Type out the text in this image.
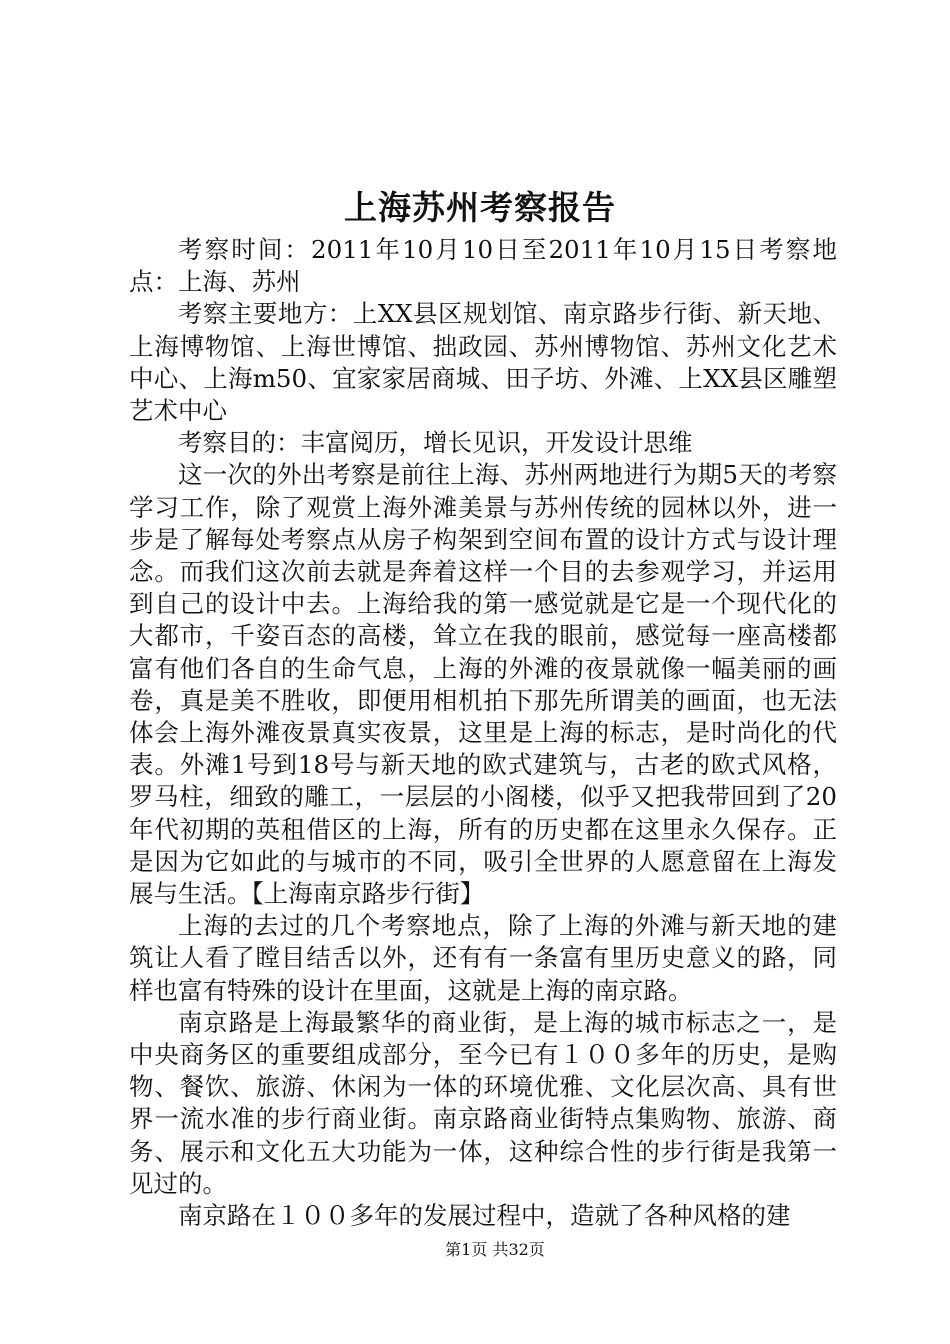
上海苏州考察报告

考察时间：2011年10月10日至2011年10月15日考察地点：上海、苏州

考察主要地方：上XX县区规划馆、南京路步行街、新天地、上海博物馆、上海世博馆、拙政园、苏州博物馆、苏州文化艺术中心、上海m50、宜家家居商城、田子坊、外滩、上XX县区雕塑艺术中心

考察目的：丰富阅历，增长见识，开发设计思维

这一次的外出考察是前往上海、苏州两地进行为期5天的考察学习工作，除了观赏上海外滩美景与苏州传统的园林以外，进一步是了解每处考察点从房子构架到空间布置的设计方式与设计理念。而我们这次前去就是奔着这样一个目的去参观学习，并运用到自己的设计中去。上海给我的第一感觉就是它是一个现代化的大都市，千姿百态的高楼，耸立在我的眼前，感觉每一座高楼都富有他们各自的生命气息，上海的外滩的夜景就像一幅美丽的画卷，真是美不胜收，即便用相机拍下那先所谓美的画面，也无法体会上海外滩夜景真实夜景，这里是上海的标志，是时尚化的代表。外滩1号到18号与新天地的欧式建筑与，古老的欧式风格，罗马柱，细致的雕工，一层层的小阁楼，似乎又把我带回到了20年代初期的英租借区的上海，所有的历史都在这里永久保存。正是因为它如此的与城市的不同，吸引全世界的人愿意留在上海发展与生活。【上海南京路步行街】

上海的去过的几个考察地点，除了上海的外滩与新天地的建筑让人看了瞠目结舌以外，还有有一条富有里历史意义的路，同样也富有特殊的设计在里面，这就是上海的南京路。

南京路是上海最繁华的商业街，是上海的城市标志之一，是中央商务区的重要组成部分，至今已有１００多年的历史，是购物、餐饮、旅游、休闲为一体的环境优雅、文化层次高、具有世界一流水准的步行商业街。南京路商业街特点集购物、旅游、商务、展示和文化五大功能为一体，这种综合性的步行街是我第一见过的。

南京路在１００多年的发展过程中，造就了各种风格的建

第1页 共32页
